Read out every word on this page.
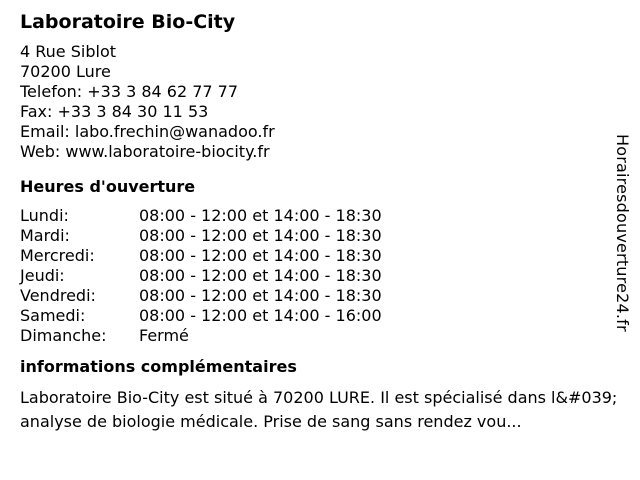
Laboratoire Bio-City
4 Rue Siblot
70200 Lure
Telefon: +33 3 84 62 77 77
Fax: +33 3 84 30 11 53
Email: labo.frechin@wanadoo.fr
Web: www.laboratoire-biocity.fr
Heures d'ouverture
Lundi:	08:00 - 12:00 et 14:00 - 18:30
Mardi:	08:00 - 12:00 et 14:00 - 18:30
Mercredi:	08:00 - 12:00 et 14:00 - 18:30
Jeudi:	08:00 - 12:00 et 14:00 - 18:30
Vendredi:	08:00 - 12:00 et 14:00 - 18:30
Samedi:	08:00 - 12:00 et 14:00 - 16:00
Dimanche:	Fermé
informations complémentaires
Laboratoire Bio-City est situé à 70200 LURE. Il est spécialisé dans l&#039;analyse de biologie médicale. Prise de sang sans rendez vou...
Horairesdouverture24.fr
